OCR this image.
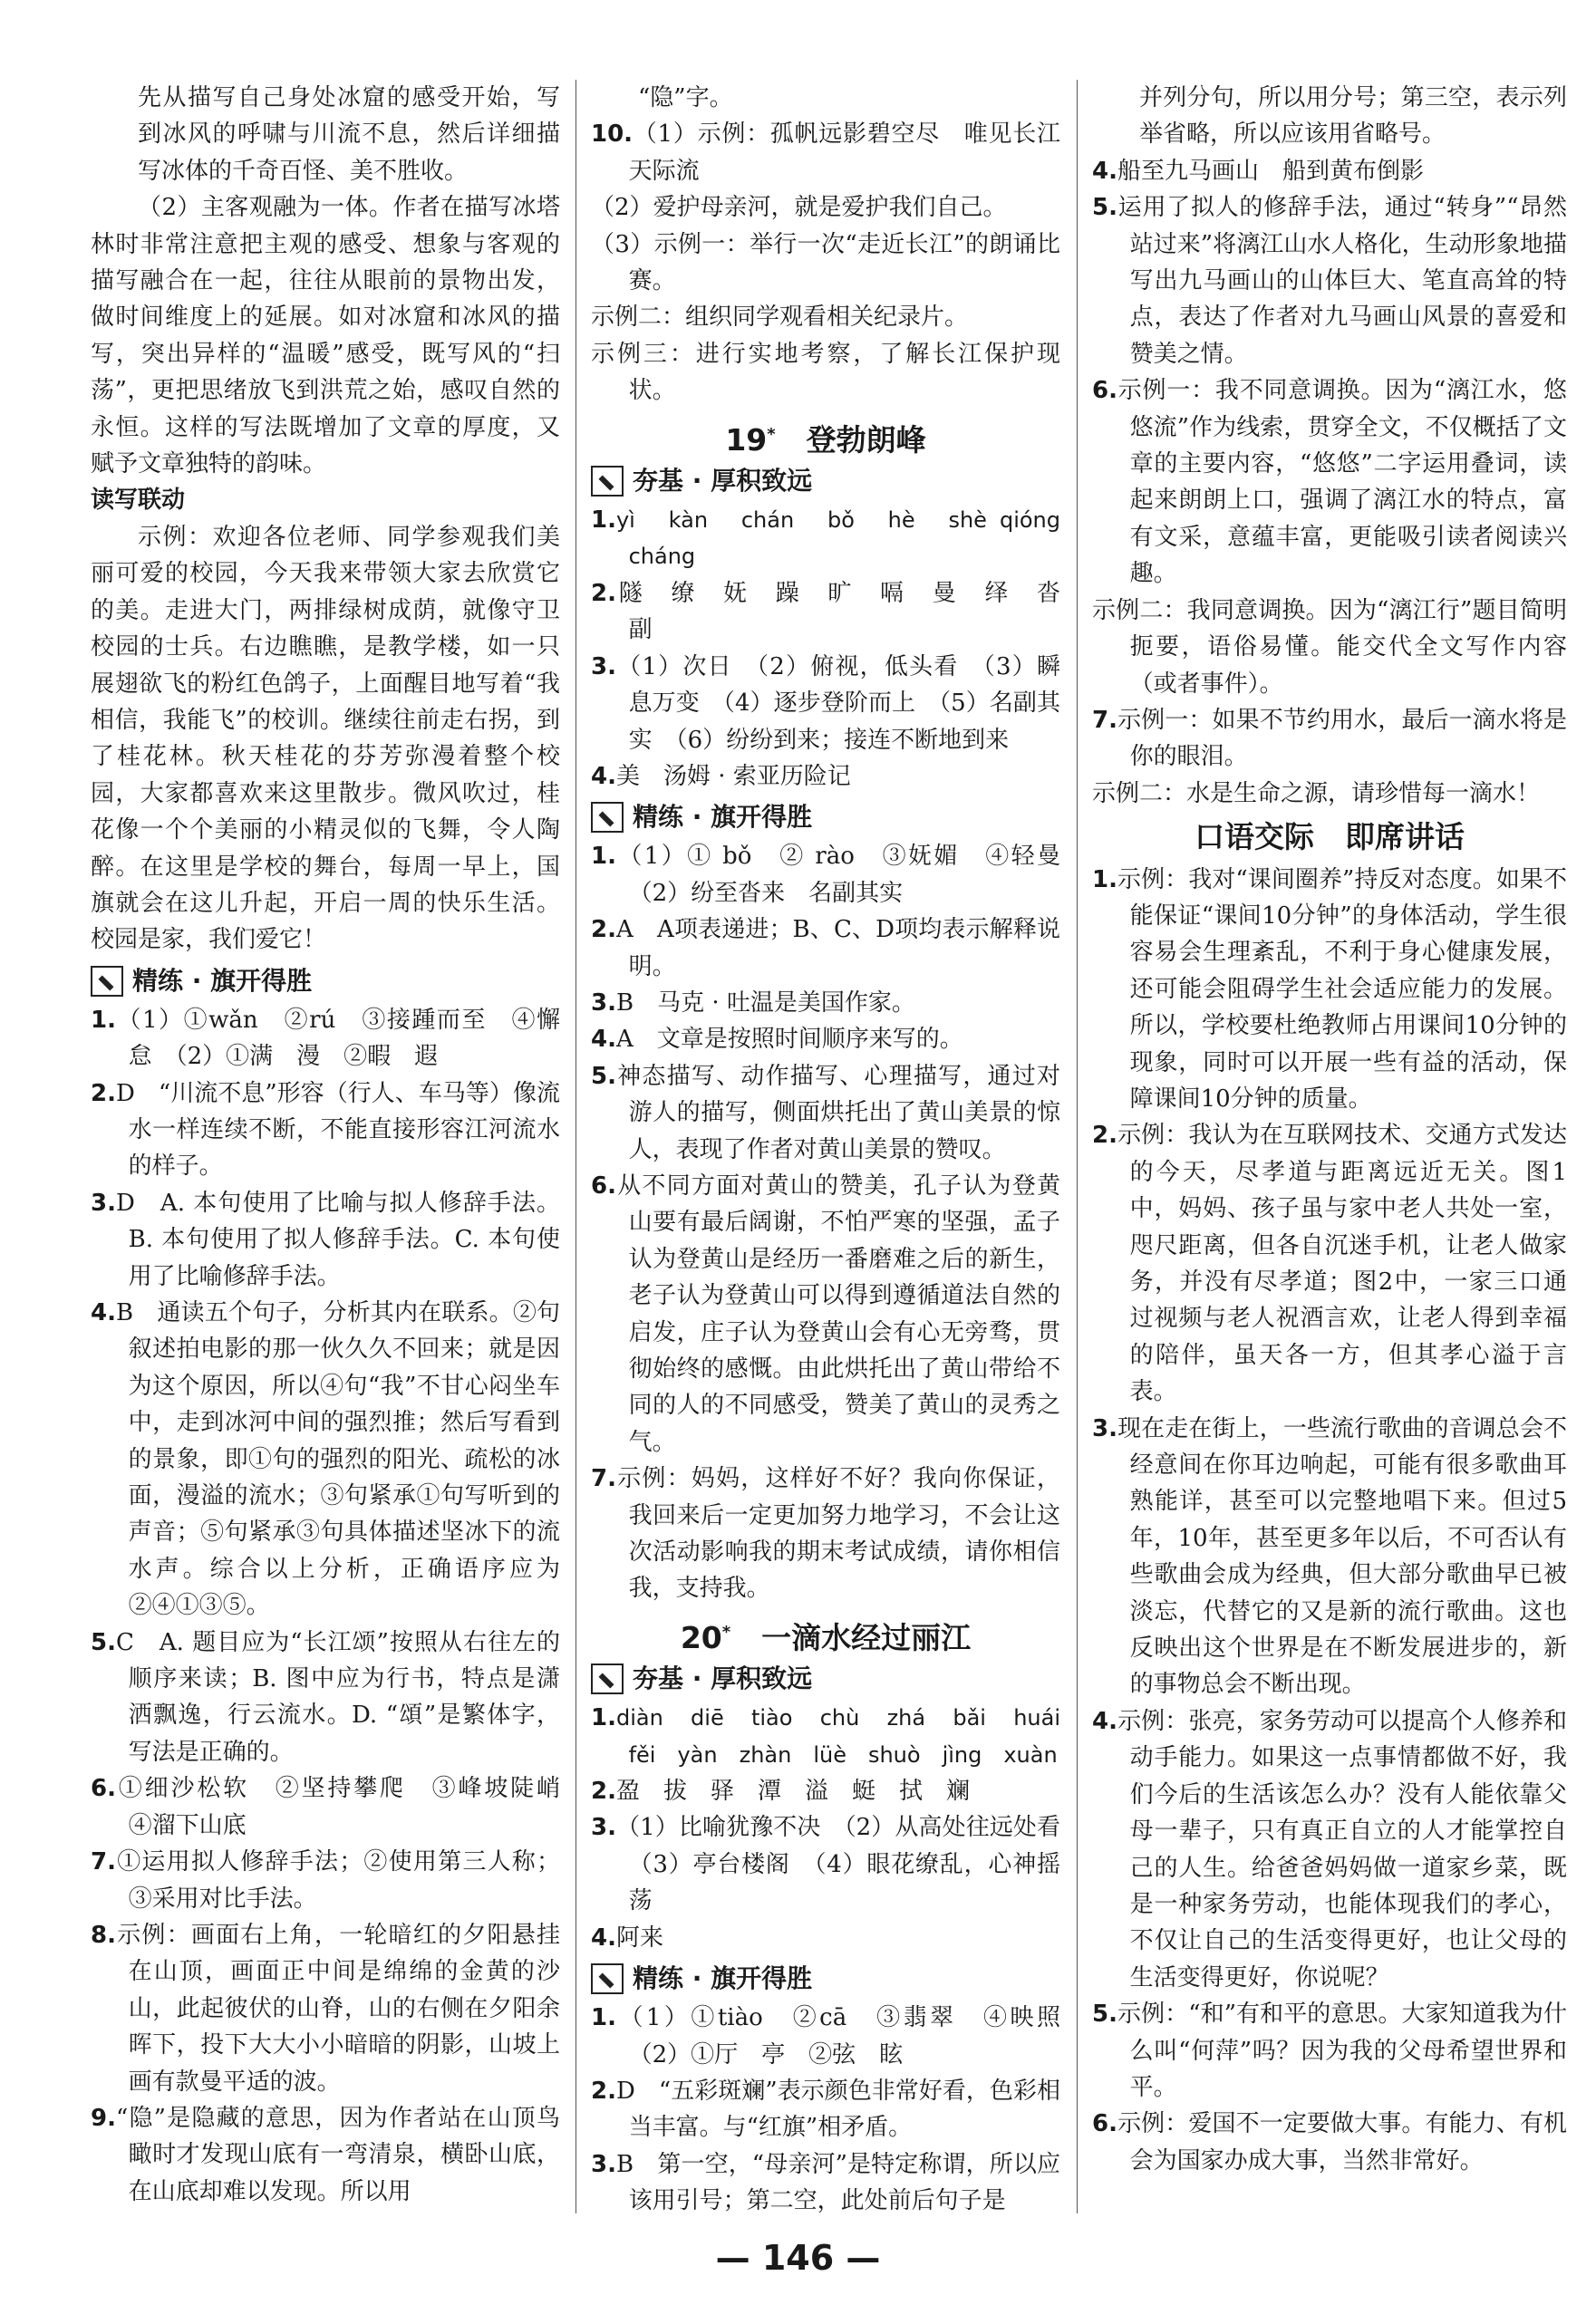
先从描写自己身处冰窟的感受开始，写到冰风的呼啸与川流不息，然后详细描写冰体的千奇百怪、美不胜收。

（2）主客观融为一体。作者在描写冰塔林时非常注意把主观的感受、想象与客观的描写融合在一起，往往从眼前的景物出发，做时间维度上的延展。如对冰窟和冰风的描写，突出异样的“温暖”感受，既写风的“扫荡”，更把思绪放飞到洪荒之始，感叹自然的永恒。这样的写法既增加了文章的厚度，又赋予文章独特的韵味。

读写联动

示例：欢迎各位老师、同学参观我们美丽可爱的校园，今天我来带领大家去欣赏它的美。走进大门，两排绿树成荫，就像守卫校园的士兵。右边瞧瞧，是教学楼，如一只展翅欲飞的粉红色鸽子，上面醒目地写着“我相信，我能飞”的校训。继续往前走右拐，到了桂花林。秋天桂花的芬芳弥漫着整个校园，大家都喜欢来这里散步。微风吹过，桂花像一个个美丽的小精灵似的飞舞，令人陶醉。在这里是学校的舞台，每周一早上，国旗就会在这儿升起，开启一周的快乐生活。校园是家，我们爱它！

精练 · 旗开得胜

1.（1）①wǎn　②rú　③接踵而至　④懈怠　（2）①满　漫　②暇　遐

2.D　“川流不息”形容（行人、车马等）像流水一样连续不断，不能直接形容江河流水的样子。

3.D　A. 本句使用了比喻与拟人修辞手法。B. 本句使用了拟人修辞手法。C. 本句使用了比喻修辞手法。

4.B　通读五个句子，分析其内在联系。②句叙述拍电影的那一伙久久不回来；就是因为这个原因，所以④句“我”不甘心闷坐车中，走到冰河中间的强烈推；然后写看到的景象，即①句的强烈的阳光、疏松的冰面，漫溢的流水；③句紧承①句写听到的声音；⑤句紧承③句具体描述坚冰下的流水声。综合以上分析，正确语序应为②④①③⑤。

5.C　A. 题目应为“长江颂”按照从右往左的顺序来读；B. 图中应为行书，特点是潇洒飘逸，行云流水。D. “頌”是繁体字，写法是正确的。

6.①细沙松软　②坚持攀爬　③峰坡陡峭　④溜下山底

7.①运用拟人修辞手法；②使用第三人称；③采用对比手法。

8.示例：画面右上角，一轮暗红的夕阳悬挂在山顶，画面正中间是绵绵的金黄的沙山，此起彼伏的山脊，山的右侧在夕阳余晖下，投下大大小小暗暗的阴影，山坡上画有款曼平适的波。

9.“隐”是隐藏的意思，因为作者站在山顶鸟瞰时才发现山底有一弯清泉，横卧山底，在山底却难以发现。所以用

“隐”字。

10.（1）示例：孤帆远影碧空尽　唯见长江天际流

（2）爱护母亲河，就是爱护我们自己。

（3）示例一：举行一次“走近长江”的朗诵比赛。

示例二：组织同学观看相关纪录片。

示例三：进行实地考察，了解长江保护现状。

19* 登勃朗峰
夯基 · 厚积致远

1.yì　kàn　chán　bǒ　hè　shè qióng　cháng

2.隧　缭　妩　躁　旷　嗝　曼　绎　沓　副

3.（1）次日　（2）俯视，低头看　（3）瞬息万变　（4）逐步登阶而上　（5）名副其实　（6）纷纷到来；接连不断地到来

4.美　汤姆 · 索亚历险记

精练 · 旗开得胜

1.（1）① bǒ　② rào　③妩媚　④轻曼　（2）纷至沓来　名副其实

2.A　A项表递进；B、C、D项均表示解释说明。

3.B　马克 · 吐温是美国作家。

4.A　文章是按照时间顺序来写的。

5.神态描写、动作描写、心理描写，通过对游人的描写，侧面烘托出了黄山美景的惊人，表现了作者对黄山美景的赞叹。

6.从不同方面对黄山的赞美，孔子认为登黄山要有最后阔谢，不怕严寒的坚强，孟子认为登黄山是经历一番磨难之后的新生，老子认为登黄山可以得到遵循道法自然的启发，庄子认为登黄山会有心无旁骛，贯彻始终的感慨。由此烘托出了黄山带给不同的人的不同感受，赞美了黄山的灵秀之气。

7.示例：妈妈，这样好不好？我向你保证，我回来后一定更加努力地学习，不会让这次活动影响我的期末考试成绩，请你相信我，支持我。

20* 一滴水经过丽江
夯基 · 厚积致远

1.diàn　diē　tiào　chù　zhá　bǎi　huái　fěi　yàn　zhàn　lüè　shuò　jìng　xuàn

2.盈　拔　驿　潭　溢　蜓　拭　斓

3.（1）比喻犹豫不决　（2）从高处往远处看　（3）亭台楼阁　（4）眼花缭乱，心神摇荡

4.阿来

精练 · 旗开得胜

1.（1）①tiào　②cā　③翡翠　④映照　（2）①厅　亭　②弦　眩

2.D　“五彩斑斓”表示颜色非常好看，色彩相当丰富。与“红旗”相矛盾。

3.B　第一空，“母亲河”是特定称谓，所以应该用引号；第二空，此处前后句子是

并列分句，所以用分号；第三空，表示列举省略，所以应该用省略号。

4.船至九马画山　船到黄布倒影

5.运用了拟人的修辞手法，通过“转身”“昂然站过来”将漓江山水人格化，生动形象地描写出九马画山的山体巨大、笔直高耸的特点，表达了作者对九马画山风景的喜爱和赞美之情。

6.示例一：我不同意调换。因为“漓江水，悠悠流”作为线索，贯穿全文，不仅概括了文章的主要内容，“悠悠”二字运用叠词，读起来朗朗上口，强调了漓江水的特点，富有文采，意蕴丰富，更能吸引读者阅读兴趣。

示例二：我同意调换。因为“漓江行”题目简明扼要，语俗易懂。能交代全文写作内容（或者事件）。

7.示例一：如果不节约用水，最后一滴水将是你的眼泪。

示例二：水是生命之源，请珍惜每一滴水！

口语交际 即席讲话

1.示例：我对“课间圈养”持反对态度。如果不能保证“课间10分钟”的身体活动，学生很容易会生理紊乱，不利于身心健康发展，还可能会阻碍学生社会适应能力的发展。所以，学校要杜绝教师占用课间10分钟的现象，同时可以开展一些有益的活动，保障课间10分钟的质量。

2.示例：我认为在互联网技术、交通方式发达的今天，尽孝道与距离远近无关。图1中，妈妈、孩子虽与家中老人共处一室，咫尺距离，但各自沉迷手机，让老人做家务，并没有尽孝道；图2中，一家三口通过视频与老人祝酒言欢，让老人得到幸福的陪伴，虽天各一方，但其孝心溢于言表。

3.现在走在街上，一些流行歌曲的音调总会不经意间在你耳边响起，可能有很多歌曲耳熟能详，甚至可以完整地唱下来。但过5年，10年，甚至更多年以后，不可否认有些歌曲会成为经典，但大部分歌曲早已被淡忘，代替它的又是新的流行歌曲。这也反映出这个世界是在不断发展进步的，新的事物总会不断出现。

4.示例：张亮，家务劳动可以提高个人修养和动手能力。如果这一点事情都做不好，我们今后的生活该怎么办？没有人能依靠父母一辈子，只有真正自立的人才能掌控自己的人生。给爸爸妈妈做一道家乡菜，既是一种家务劳动，也能体现我们的孝心，不仅让自己的生活变得更好，也让父母的生活变得更好，你说呢？

5.示例：“和”有和平的意思。大家知道我为什么叫“何萍”吗？因为我的父母希望世界和平。

6.示例：爱国不一定要做大事。有能力、有机会为国家办成大事，当然非常好。

— 146 —
